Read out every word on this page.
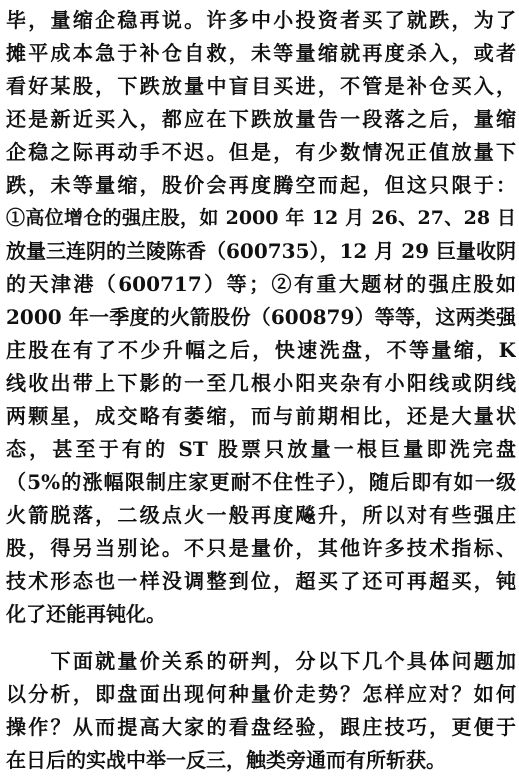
毕，量缩企稳再说。许多中小投资者买了就跌，为了
摊平成本急于补仓自救，未等量缩就再度杀入，或者
看好某股，下跌放量中盲目买进，不管是补仓买入，
还是新近买入，都应在下跌放量告一段落之后，量缩
企稳之际再动手不迟。但是，有少数情况正值放量下
跌，未等量缩，股价会再度腾空而起，但这只限于：
①高位增仓的强庄股，如 2000 年 12 月 26、27、28 日
放量三连阴的兰陵陈香（600735），12 月 29 巨量收阴
的天津港（600717）等；②有重大题材的强庄股如
2000 年一季度的火箭股份（600879）等等，这两类强
庄股在有了不少升幅之后，快速洗盘，不等量缩，K
线收出带上下影的一至几根小阳夹杂有小阳线或阴线
两颗星，成交略有萎缩，而与前期相比，还是大量状
态，甚至于有的 ST 股票只放量一根巨量即洗完盘
（5%的涨幅限制庄家更耐不住性子），随后即有如一级
火箭脱落，二级点火一般再度飚升，所以对有些强庄
股，得另当别论。不只是量价，其他许多技术指标、
技术形态也一样没调整到位，超买了还可再超买，钝
化了还能再钝化。
　　下面就量价关系的研判，分以下几个具体问题加
以分析，即盘面出现何种量价走势？怎样应对？如何
操作？从而提高大家的看盘经验，跟庄技巧，更便于
在日后的实战中举一反三，触类旁通而有所斩获。
